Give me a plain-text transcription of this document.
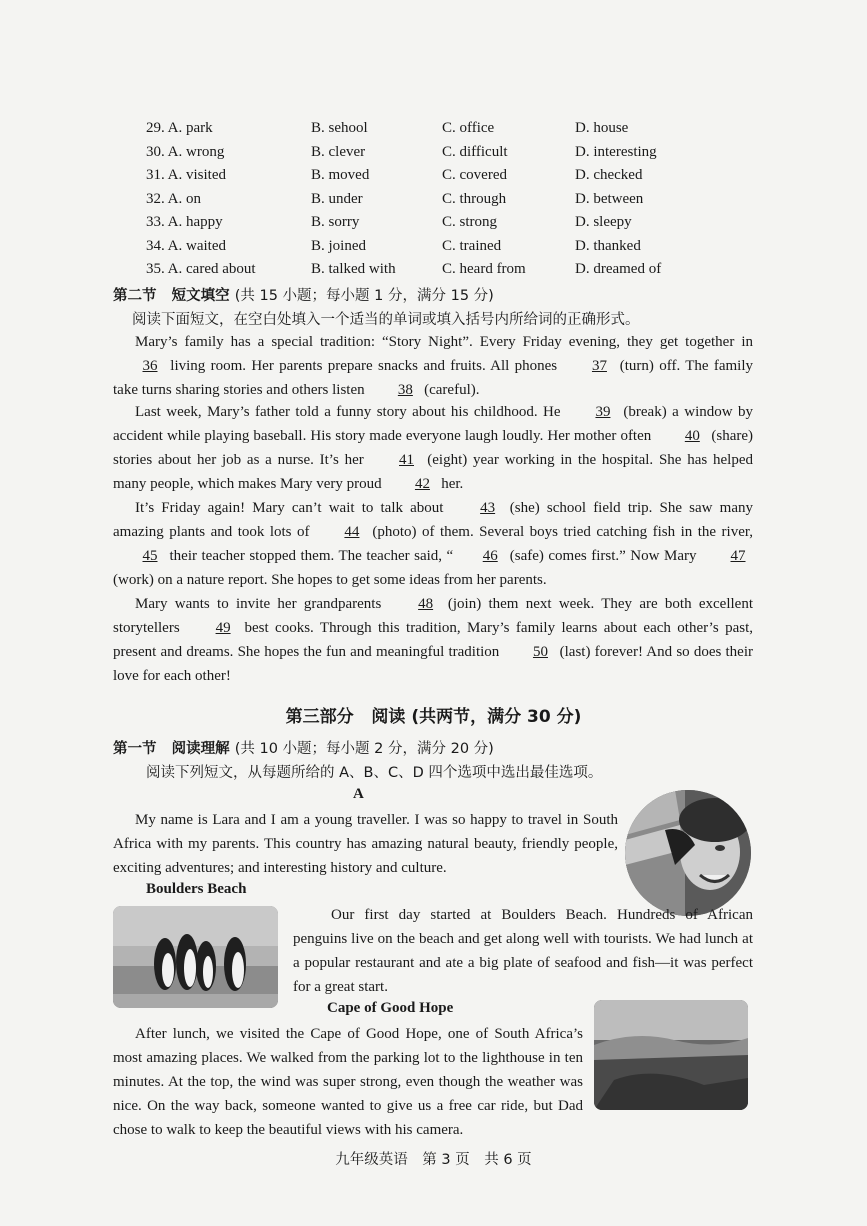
29. A. park	B. sehool	C. office	D. house
30. A. wrong	B. clever	C. difficult	D. interesting
31. A. visited	B. moved	C. covered	D. checked
32. A. on	B. under	C. through	D. between
33. A. happy	B. sorry	C. strong	D. sleepy
34. A. waited	B. joined	C. trained	D. thanked
35. A. cared about	B. talked with	C. heard from	D. dreamed of
第二节 短文填空 (共 15 小题；每小题 1 分，满分 15 分)
阅读下面短文，在空白处填入一个适当的单词或填入括号内所给词的正确形式。
Mary’s family has a special tradition: “Story Night”. Every Friday evening, they get together in 36 living room. Her parents prepare snacks and fruits. All phones 37 (turn) off. The family take turns sharing stories and others listen 38 (careful).
Last week, Mary’s father told a funny story about his childhood. He 39 (break) a window by accident while playing baseball. His story made everyone laugh loudly. Her mother often 40 (share) stories about her job as a nurse. It’s her 41 (eight) year working in the hospital. She has helped many people, which makes Mary very proud 42 her.
It’s Friday again! Mary can’t wait to talk about 43 (she) school field trip. She saw many amazing plants and took lots of 44 (photo) of them. Several boys tried catching fish in the river, 45 their teacher stopped them. The teacher said, “ 46 (safe) comes first.” Now Mary 47 (work) on a nature report. She hopes to get some ideas from her parents.
Mary wants to invite her grandparents 48 (join) them next week. They are both excellent storytellers 49 best cooks. Through this tradition, Mary’s family learns about each other’s past, present and dreams. She hopes the fun and meaningful tradition 50 (last) forever! And so does their love for each other!
第三部分 阅读 (共两节，满分 30 分)
第一节 阅读理解 (共 10 小题；每小题 2 分，满分 20 分)
阅读下列短文，从每题所给的 A、B、C、D 四个选项中选出最佳选项。
A
My name is Lara and I am a young traveller. I was so happy to travel in South Africa with my parents. This country has amazing natural beauty, friendly people, exciting adventures; and interesting history and culture.
Boulders Beach
Our first day started at Boulders Beach. Hundreds of African penguins live on the beach and get along well with tourists. We had lunch at a popular restaurant and ate a big plate of seafood and fish—it was perfect for a great start.
Cape of Good Hope
After lunch, we visited the Cape of Good Hope, one of South Africa’s most amazing places. We walked from the parking lot to the lighthouse in ten minutes. At the top, the wind was super strong, even though the weather was nice. On the way back, someone wanted to give us a free car ride, but Dad chose to walk to keep the beautiful views with his camera.
九年级英语　第 3 页　共 6 页
